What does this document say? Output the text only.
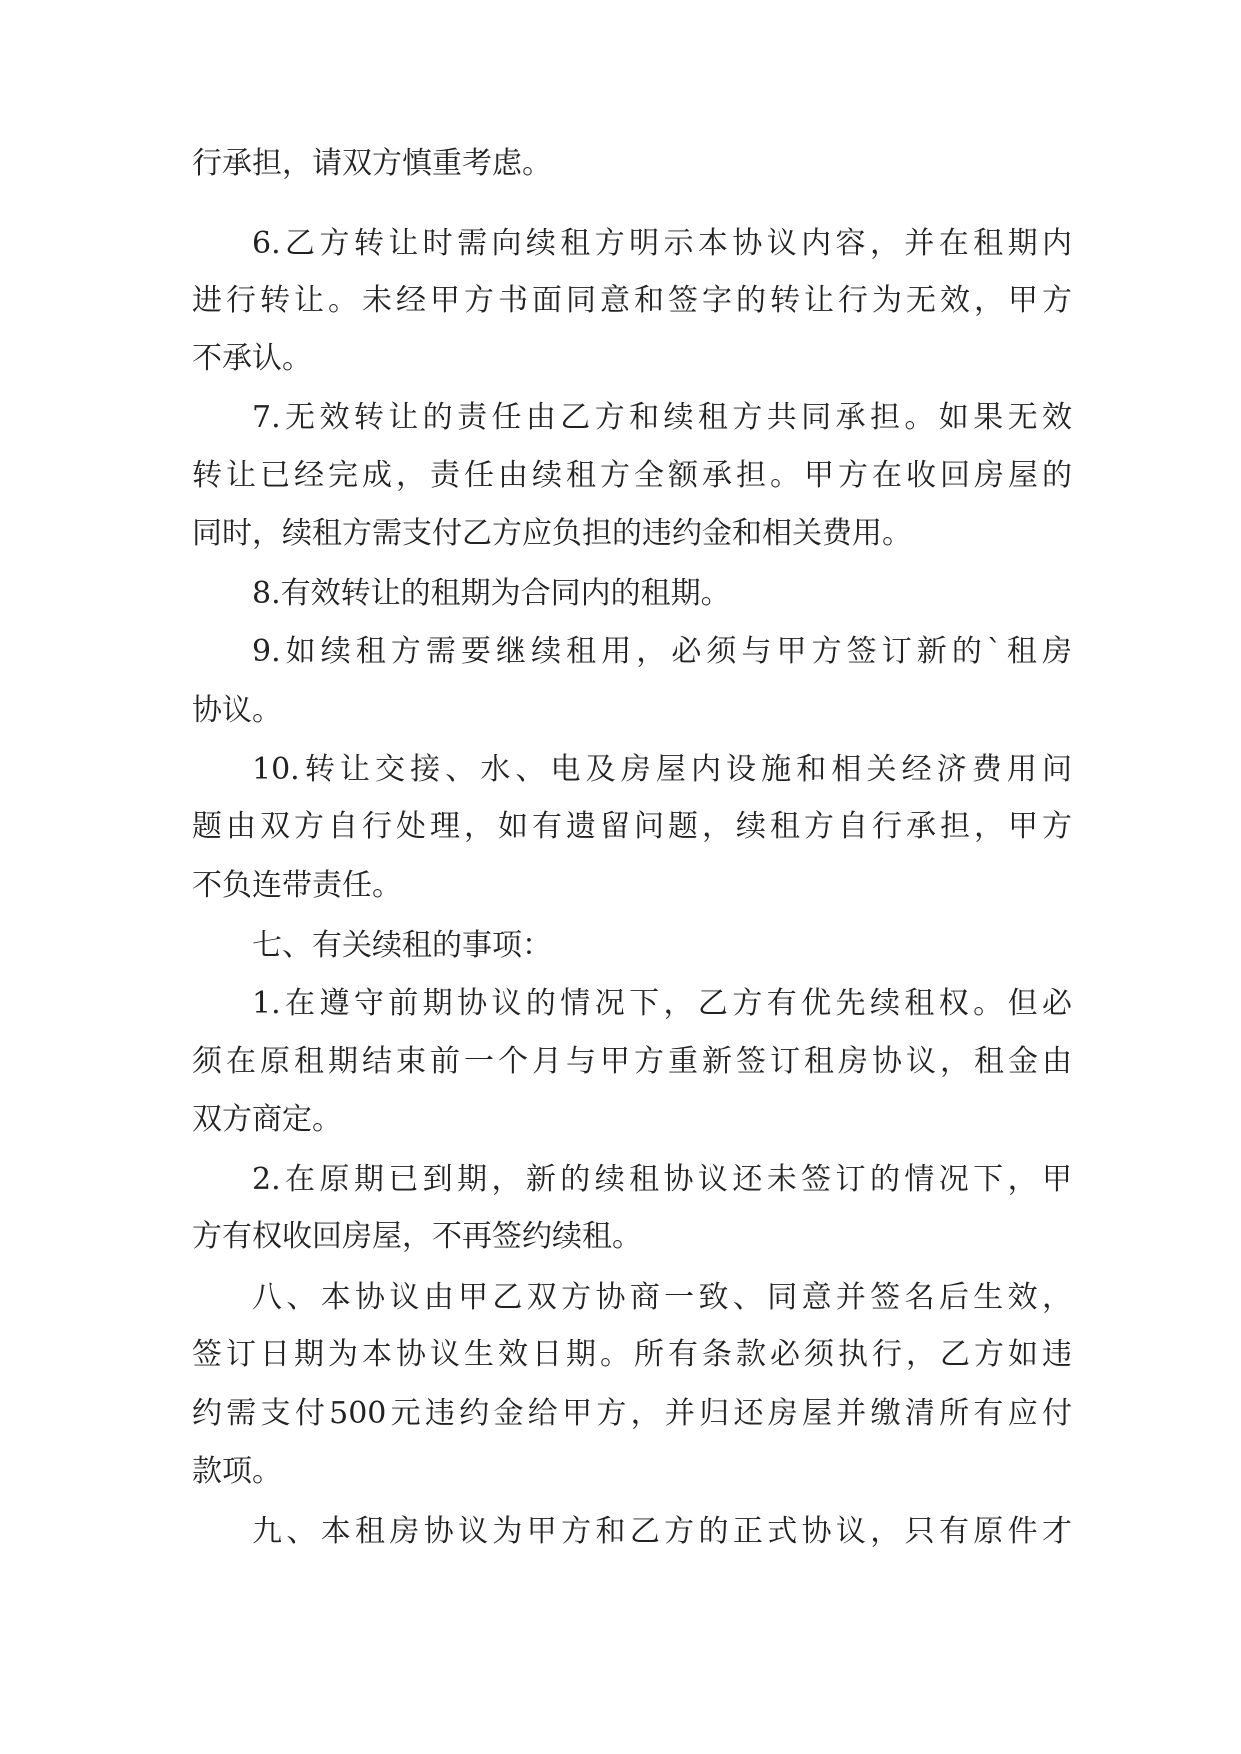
行承担，请双方慎重考虑。
6.乙方转让时需向续租方明示本协议内容，并在租期内
进行转让。未经甲方书面同意和签字的转让行为无效，甲方
不承认。
7.无效转让的责任由乙方和续租方共同承担。如果无效
转让已经完成，责任由续租方全额承担。甲方在收回房屋的
同时，续租方需支付乙方应负担的违约金和相关费用。
8.有效转让的租期为合同内的租期。
9.如续租方需要继续租用，必须与甲方签订新的`租房
协议。
10.转让交接、水、电及房屋内设施和相关经济费用问
题由双方自行处理，如有遗留问题，续租方自行承担，甲方
不负连带责任。
七、有关续租的事项：
1.在遵守前期协议的情况下，乙方有优先续租权。但必
须在原租期结束前一个月与甲方重新签订租房协议，租金由
双方商定。
2.在原期已到期，新的续租协议还未签订的情况下，甲
方有权收回房屋，不再签约续租。
八、本协议由甲乙双方协商一致、同意并签名后生效，
签订日期为本协议生效日期。所有条款必须执行，乙方如违
约需支付500元违约金给甲方，并归还房屋并缴清所有应付
款项。
九、本租房协议为甲方和乙方的正式协议，只有原件才
